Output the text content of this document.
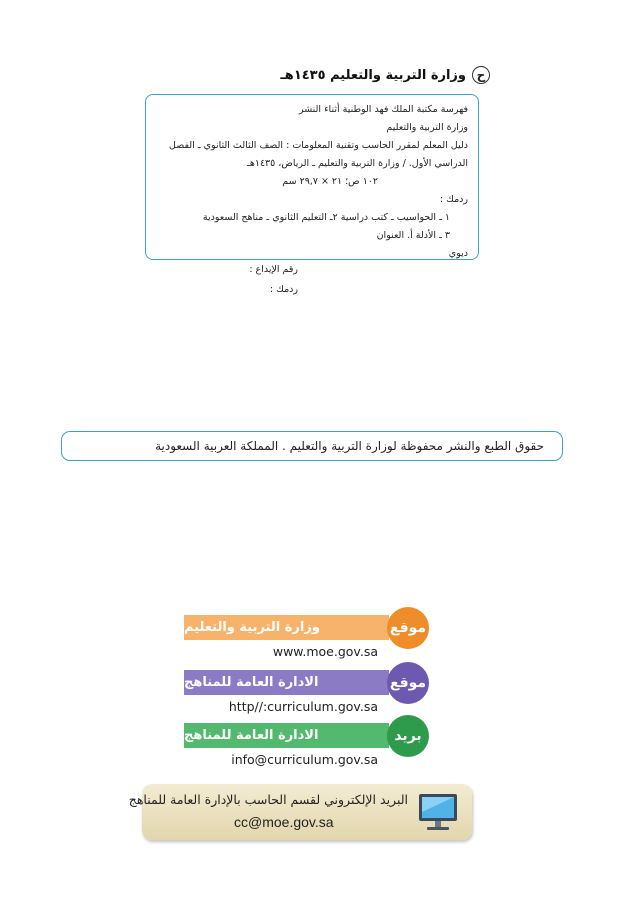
ح
وزارة التربية والتعليم ١٤٣٥هـ
فهرسة مكتبة الملك فهد الوطنية أثناء النشر
وزارة التربية والتعليم
دليل المعلم لمقرر الحاسب وتقنية المعلومات : الصف الثالث الثانوي ـ الفصل
الدراسي الأول. / وزارة التربية والتعليم ـ الرياض، ١٤٣٥هـ
١٠٢ ص؛ ٢١ × ٢٩,٧ سم
ردمك :
١ ـ الحواسيب ـ كتب دراسية ٢ـ التعليم الثانوي ـ مناهج السعودية
٣ ـ الأدلة أ. العنوان
ديوي
رقم الإيداع :
ردمك :
حقوق الطبع والنشر محفوظة لوزارة التربية والتعليم . المملكة العربية السعودية
وزارة التربية والتعليم	موقع
www.moe.gov.sa
الادارة العامة للمناهج	موقع
http//:curriculum.gov.sa
الادارة العامة للمناهج	بريد
info@curriculum.gov.sa
البريد الإلكتروني لقسم الحاسب بالإدارة العامة للمناهج
cc@moe.gov.sa
